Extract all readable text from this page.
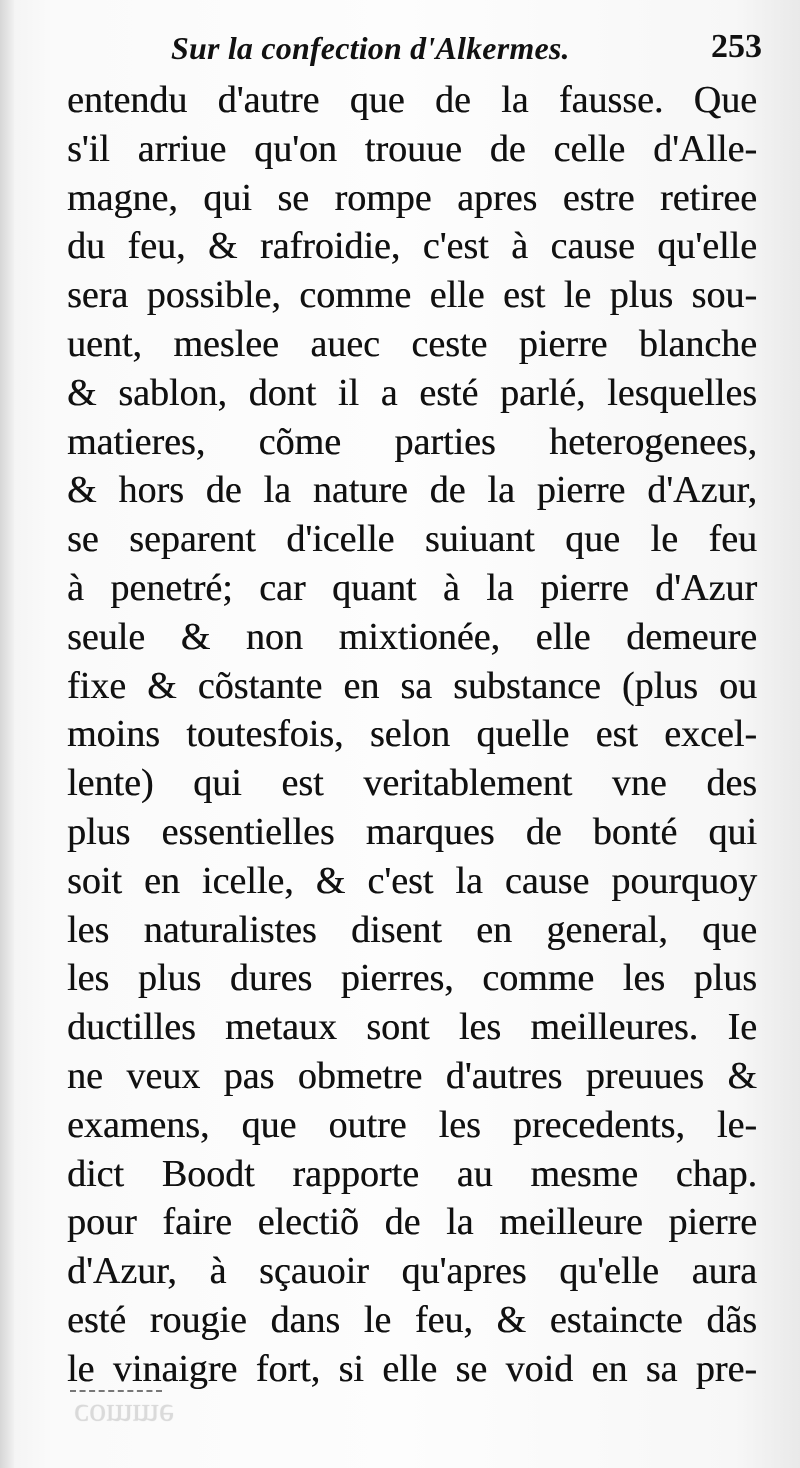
Sur la confection d'Alkermes.	253
entendu d'autre que de la fausse. Que
s'il arriue qu'on trouue de celle d'Alle-
magne, qui se rompe apres estre retiree
du feu, & rafroidie, c'est à cause qu'elle
sera possible, comme elle est le plus sou-
uent, meslee auec ceste pierre blanche
& sablon, dont il a esté parlé, lesquelles
matieres, cõme parties heterogenees,
& hors de la nature de la pierre d'Azur,
se separent d'icelle suiuant que le feu
à penetré; car quant à la pierre d'Azur
seule & non mixtionée, elle demeure
fixe & cõstante en sa substance (plus ou
moins toutesfois, selon quelle est excel-
lente) qui est veritablement vne des
plus essentielles marques de bonté qui
soit en icelle, & c'est la cause pourquoy
les naturalistes disent en general, que
les plus dures pierres, comme les plus
ductilles metaux sont les meilleures. Ie
ne veux pas obmetre d'autres preuues &
examens, que outre les precedents, le-
dict Boodt rapporte au mesme chap.
pour faire electiõ de la meilleure pierre
d'Azur, à sçauoir qu'apres qu'elle aura
esté rougie dans le feu, & estaincte dãs
le vinaigre fort, si elle se void en sa pre-
comme
